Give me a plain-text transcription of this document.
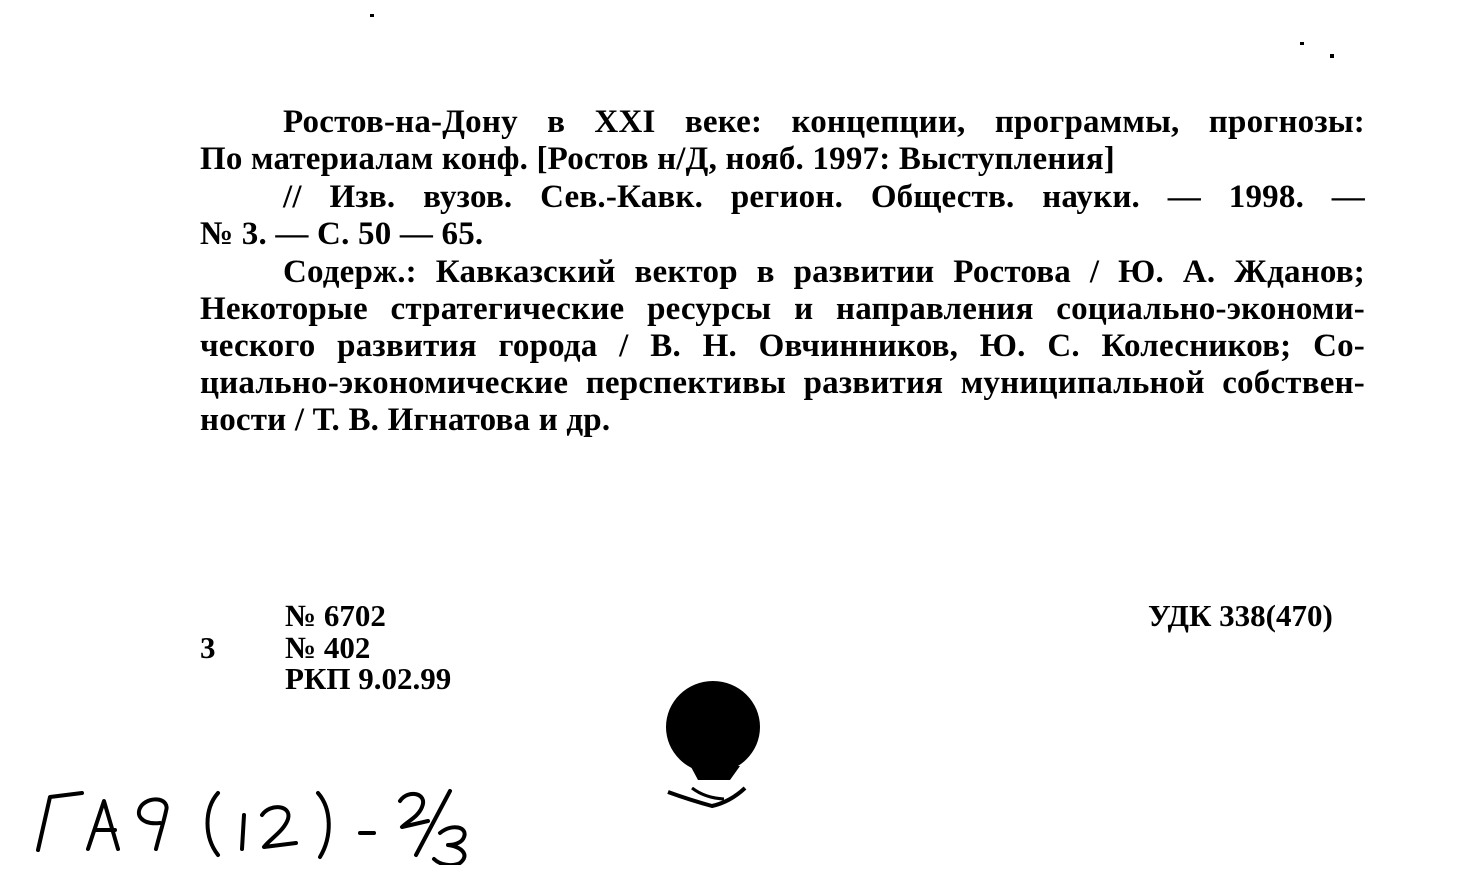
Ростов-на-Дону в XXI веке: концепции, программы, прогнозы:
По материалам конф. [Ростов н/Д, нояб. 1997: Выступления]
// Изв. вузов. Сев.-Кавк. регион. Обществ. науки. — 1998. —
№ 3. — С. 50 — 65.
Содерж.: Кавказский вектор в развитии Ростова / Ю. А. Жданов;
Некоторые стратегические ресурсы и направления социально-экономи-
ческого развития города / В. Н. Овчинников, Ю. С. Колесников; Со-
циально-экономические перспективы развития муниципальной собствен-
ности / Т. В. Игнатова и др.
3
№ 6702
№ 402
РКП 9.02.99
УДК 338(470)
